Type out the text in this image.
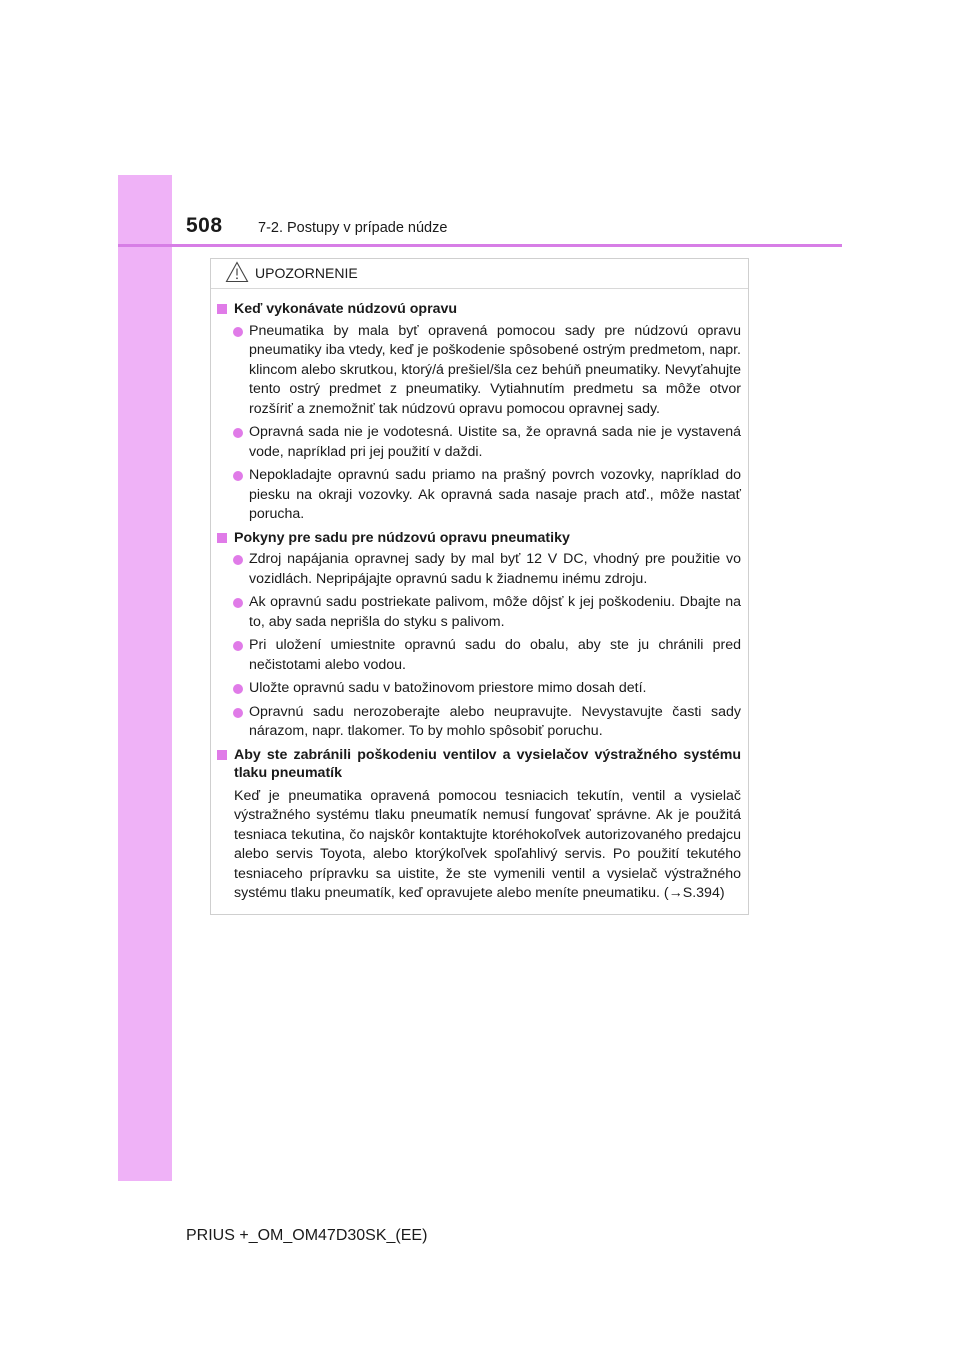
508 7-2. Postupy v prípade núdze
UPOZORNENIE
Keď vykonávate núdzovú opravu
Pneumatika by mala byť opravená pomocou sady pre núdzovú opravu pneumatiky iba vtedy, keď je poškodenie spôsobené ostrým predmetom, napr. klincom alebo skrutkou, ktorý/á prešiel/šla cez behúň pneumatiky. Nevyťahujte tento ostrý predmet z pneumatiky. Vytiahnutím predmetu sa môže otvor rozšíriť a znemožniť tak núdzovú opravu pomocou opravnej sady.
Opravná sada nie je vodotesná. Uistite sa, že opravná sada nie je vystavená vode, napríklad pri jej použití v daždi.
Nepokladajte opravnú sadu priamo na prašný povrch vozovky, napríklad do piesku na okraji vozovky. Ak opravná sada nasaje prach atď., môže nastať porucha.
Pokyny pre sadu pre núdzovú opravu pneumatiky
Zdroj napájania opravnej sady by mal byť 12 V DC, vhodný pre použitie vo vozidlách. Nepripájajte opravnú sadu k žiadnemu inému zdroju.
Ak opravnú sadu postriekate palivom, môže dôjsť k jej poškodeniu. Dbajte na to, aby sada neprišla do styku s palivom.
Pri uložení umiestnite opravnú sadu do obalu, aby ste ju chránili pred nečistotami alebo vodou.
Uložte opravnú sadu v batožinovom priestore mimo dosah detí.
Opravnú sadu nerozoberajte alebo neupravujte. Nevystavujte časti sady nárazom, napr. tlakomer. To by mohlo spôsobiť poruchu.
Aby ste zabránili poškodeniu ventilov a vysielačov výstražného systému tlaku pneumatík
Keď je pneumatika opravená pomocou tesniacich tekutín, ventil a vysielač výstražného systému tlaku pneumatík nemusí fungovať správne. Ak je použitá tesniaca tekutina, čo najskôr kontaktujte ktoréhokoľvek autorizovaného predajcu alebo servis Toyota, alebo ktorýkoľvek spoľahlivý servis. Po použití tekutého tesniaceho prípravku sa uistite, že ste vymenili ventil a vysielač výstražného systému tlaku pneumatík, keď opravujete alebo meníte pneumatiku. (→S.394)
PRIUS +_OM_OM47D30SK_(EE)
